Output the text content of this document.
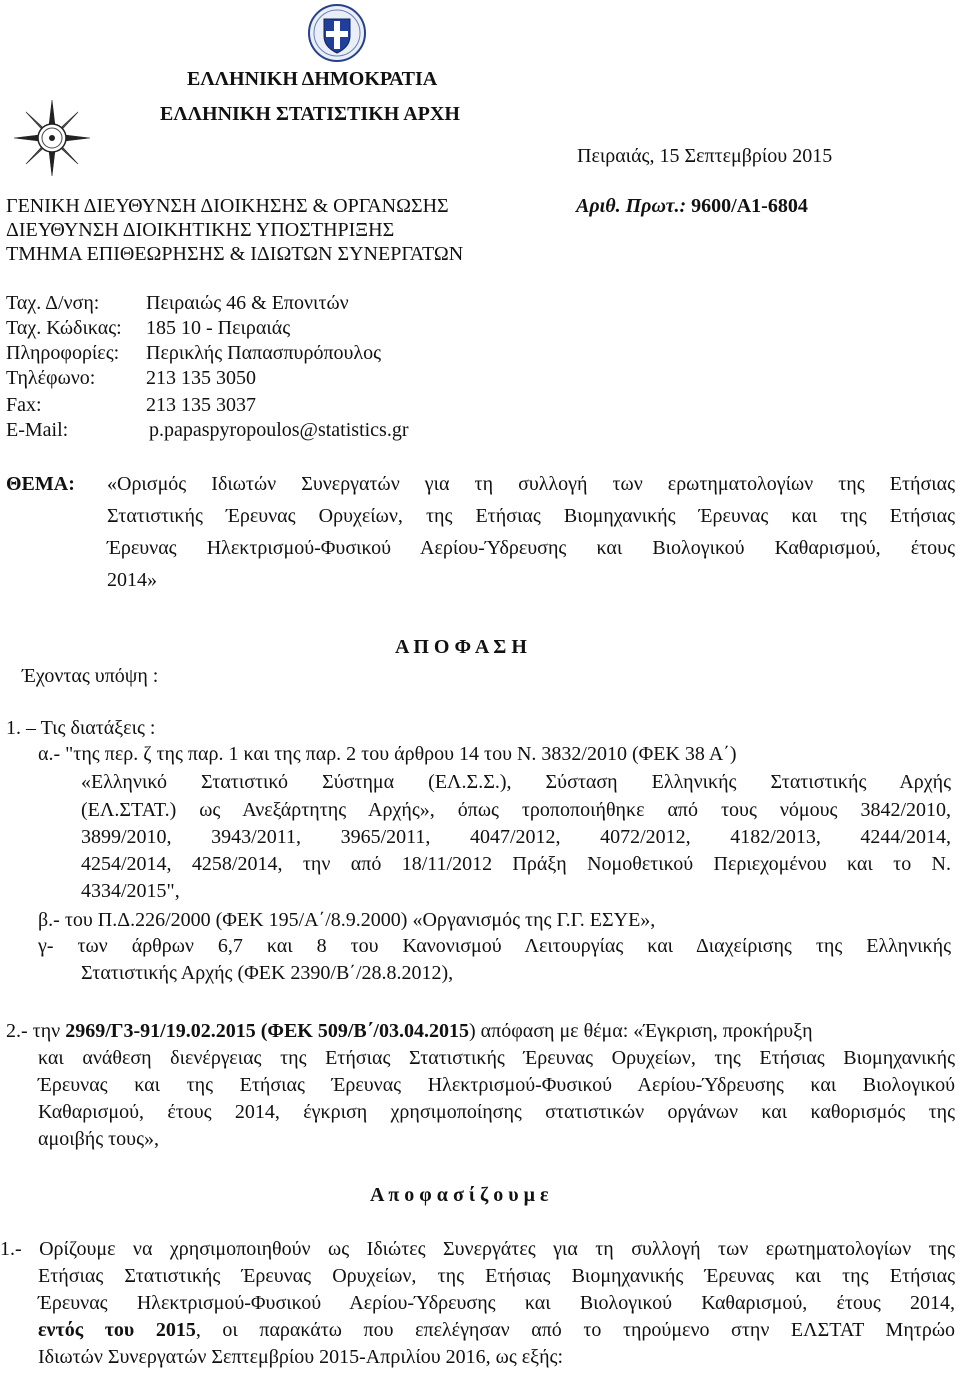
ΕΛΛΗΝΙΚΗ ΔΗΜΟΚΡΑΤΙΑ
ΕΛΛΗΝΙΚΗ ΣΤΑΤΙΣΤΙΚΗ ΑΡΧΗ
Πειραιάς, 15 Σεπτεμβρίου 2015
ΓΕΝΙΚΗ ΔΙΕΥΘΥΝΣΗ ΔΙΟΙΚΗΣΗΣ & ΟΡΓΑΝΩΣΗΣ
ΔΙΕΥΘΥΝΣΗ ΔΙΟΙΚΗΤΙΚΗΣ ΥΠΟΣΤΗΡΙΞΗΣ
ΤΜΗΜΑ ΕΠΙΘΕΩΡΗΣΗΣ & ΙΔΙΩΤΩΝ ΣΥΝΕΡΓΑΤΩΝ
Αριθ. Πρωτ.: 9600/Α1-6804
Ταχ. Δ/νση: Πειραιώς 46 & Επονιτών
Ταχ. Κώδικας: 185 10 - Πειραιάς
Πληροφορίες: Περικλής Παπασπυρόπουλος
Τηλέφωνο:	213 135 3050
Fax:	213 135 3037
E-Mail:	p.papaspyropoulos@statistics.gr
ΘΕΜΑ: «Ορισμός Ιδιωτών Συνεργατών για τη συλλογή των ερωτηματολογίων της Ετήσιας
Στατιστικής Έρευνας Ορυχείων, της Ετήσιας Βιομηχανικής Έρευνας και της Ετήσιας
Έρευνας Ηλεκτρισμού-Φυσικού Αερίου-Ύδρευσης και Βιολογικού Καθαρισμού, έτους
2014»
Α Π Ο Φ Α Σ Η
Έχοντας υπόψη :
1. – Τις διατάξεις :
α.- "της περ. ζ της παρ. 1 και της παρ. 2 του άρθρου 14 του Ν. 3832/2010 (ΦΕΚ 38 Α΄)
«Ελληνικό Στατιστικό Σύστημα (ΕΛ.Σ.Σ.), Σύσταση Ελληνικής Στατιστικής Αρχής
(ΕΛ.ΣΤΑΤ.) ως Ανεξάρτητης Αρχής», όπως τροποποιήθηκε από τους νόμους 3842/2010,
3899/2010, 3943/2011, 3965/2011, 4047/2012, 4072/2012, 4182/2013, 4244/2014,
4254/2014, 4258/2014, την από 18/11/2012 Πράξη Νομοθετικού Περιεχομένου και το Ν.
4334/2015",
β.- του Π.Δ.226/2000 (ΦΕΚ 195/Α΄/8.9.2000) «Οργανισμός της Γ.Γ. ΕΣΥΕ»,
γ- των άρθρων 6,7 και 8 του Κανονισμού Λειτουργίας και Διαχείρισης της Ελληνικής
Στατιστικής Αρχής (ΦΕΚ 2390/Β΄/28.8.2012),
2.- την 2969/Γ3-91/19.02.2015 (ΦΕΚ 509/Β΄/03.04.2015) απόφαση με θέμα: «Έγκριση, προκήρυξη
και ανάθεση διενέργειας της Ετήσιας Στατιστικής Έρευνας Ορυχείων, της Ετήσιας Βιομηχανικής
Έρευνας και της Ετήσιας Έρευνας Ηλεκτρισμού-Φυσικού Αερίου-Ύδρευσης και Βιολογικού
Καθαρισμού, έτους 2014, έγκριση χρησιμοποίησης στατιστικών οργάνων και καθορισμός της
αμοιβής τους»,
Α π ο φ α σ ί ζ ο υ μ ε
1.- Ορίζουμε να χρησιμοποιηθούν ως Ιδιώτες Συνεργάτες για τη συλλογή των ερωτηματολογίων της
Ετήσιας Στατιστικής Έρευνας Ορυχείων, της Ετήσιας Βιομηχανικής Έρευνας και της Ετήσιας
Έρευνας Ηλεκτρισμού-Φυσικού Αερίου-Ύδρευσης και Βιολογικού Καθαρισμού, έτους 2014,
εντός του 2015, οι παρακάτω που επελέγησαν από το τηρούμενο στην ΕΛΣΤΑΤ Μητρώο
Ιδιωτών Συνεργατών Σεπτεμβρίου 2015-Απριλίου 2016, ως εξής:
